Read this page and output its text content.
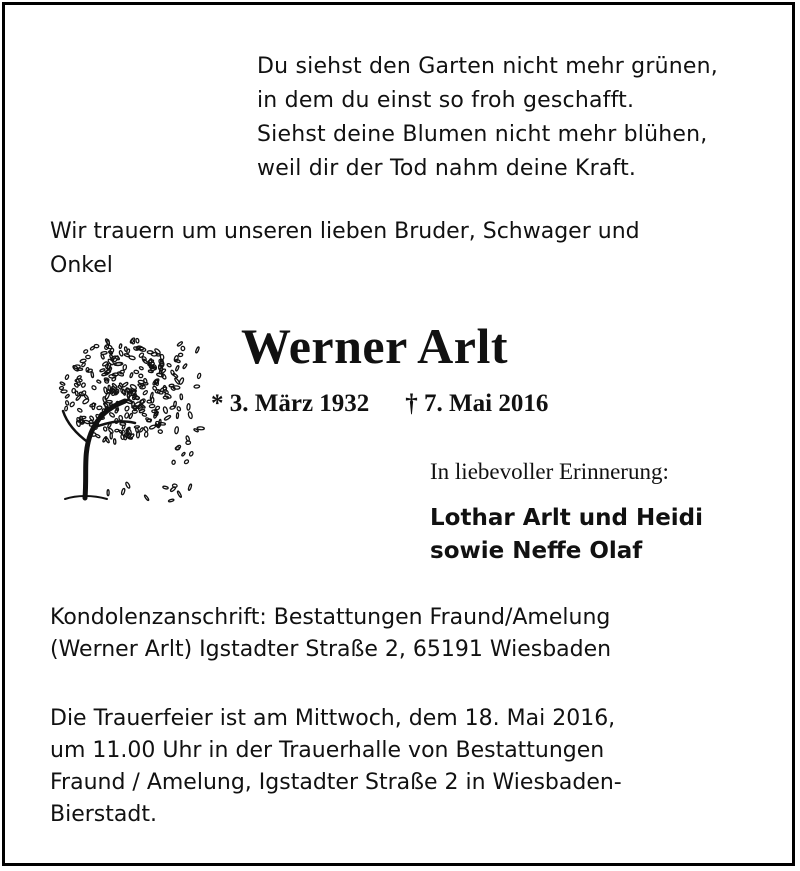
Du siehst den Garten nicht mehr grünen,
in dem du einst so froh geschafft.
Siehst deine Blumen nicht mehr blühen,
weil dir der Tod nahm deine Kraft.
Wir trauern um unseren lieben Bruder, Schwager und
Onkel
Werner Arlt
* 3. März 1932 † 7. Mai 2016
In liebevoller Erinnerung:
Lothar Arlt und Heidi
sowie Neffe Olaf
Kondolenzanschrift: Bestattungen Fraund/Amelung
(Werner Arlt) Igstadter Straße 2, 65191 Wiesbaden
Die Trauerfeier ist am Mittwoch, dem 18. Mai 2016,
um 11.00 Uhr in der Trauerhalle von Bestattungen
Fraund / Amelung, Igstadter Straße 2 in Wiesbaden-
Bierstadt.
